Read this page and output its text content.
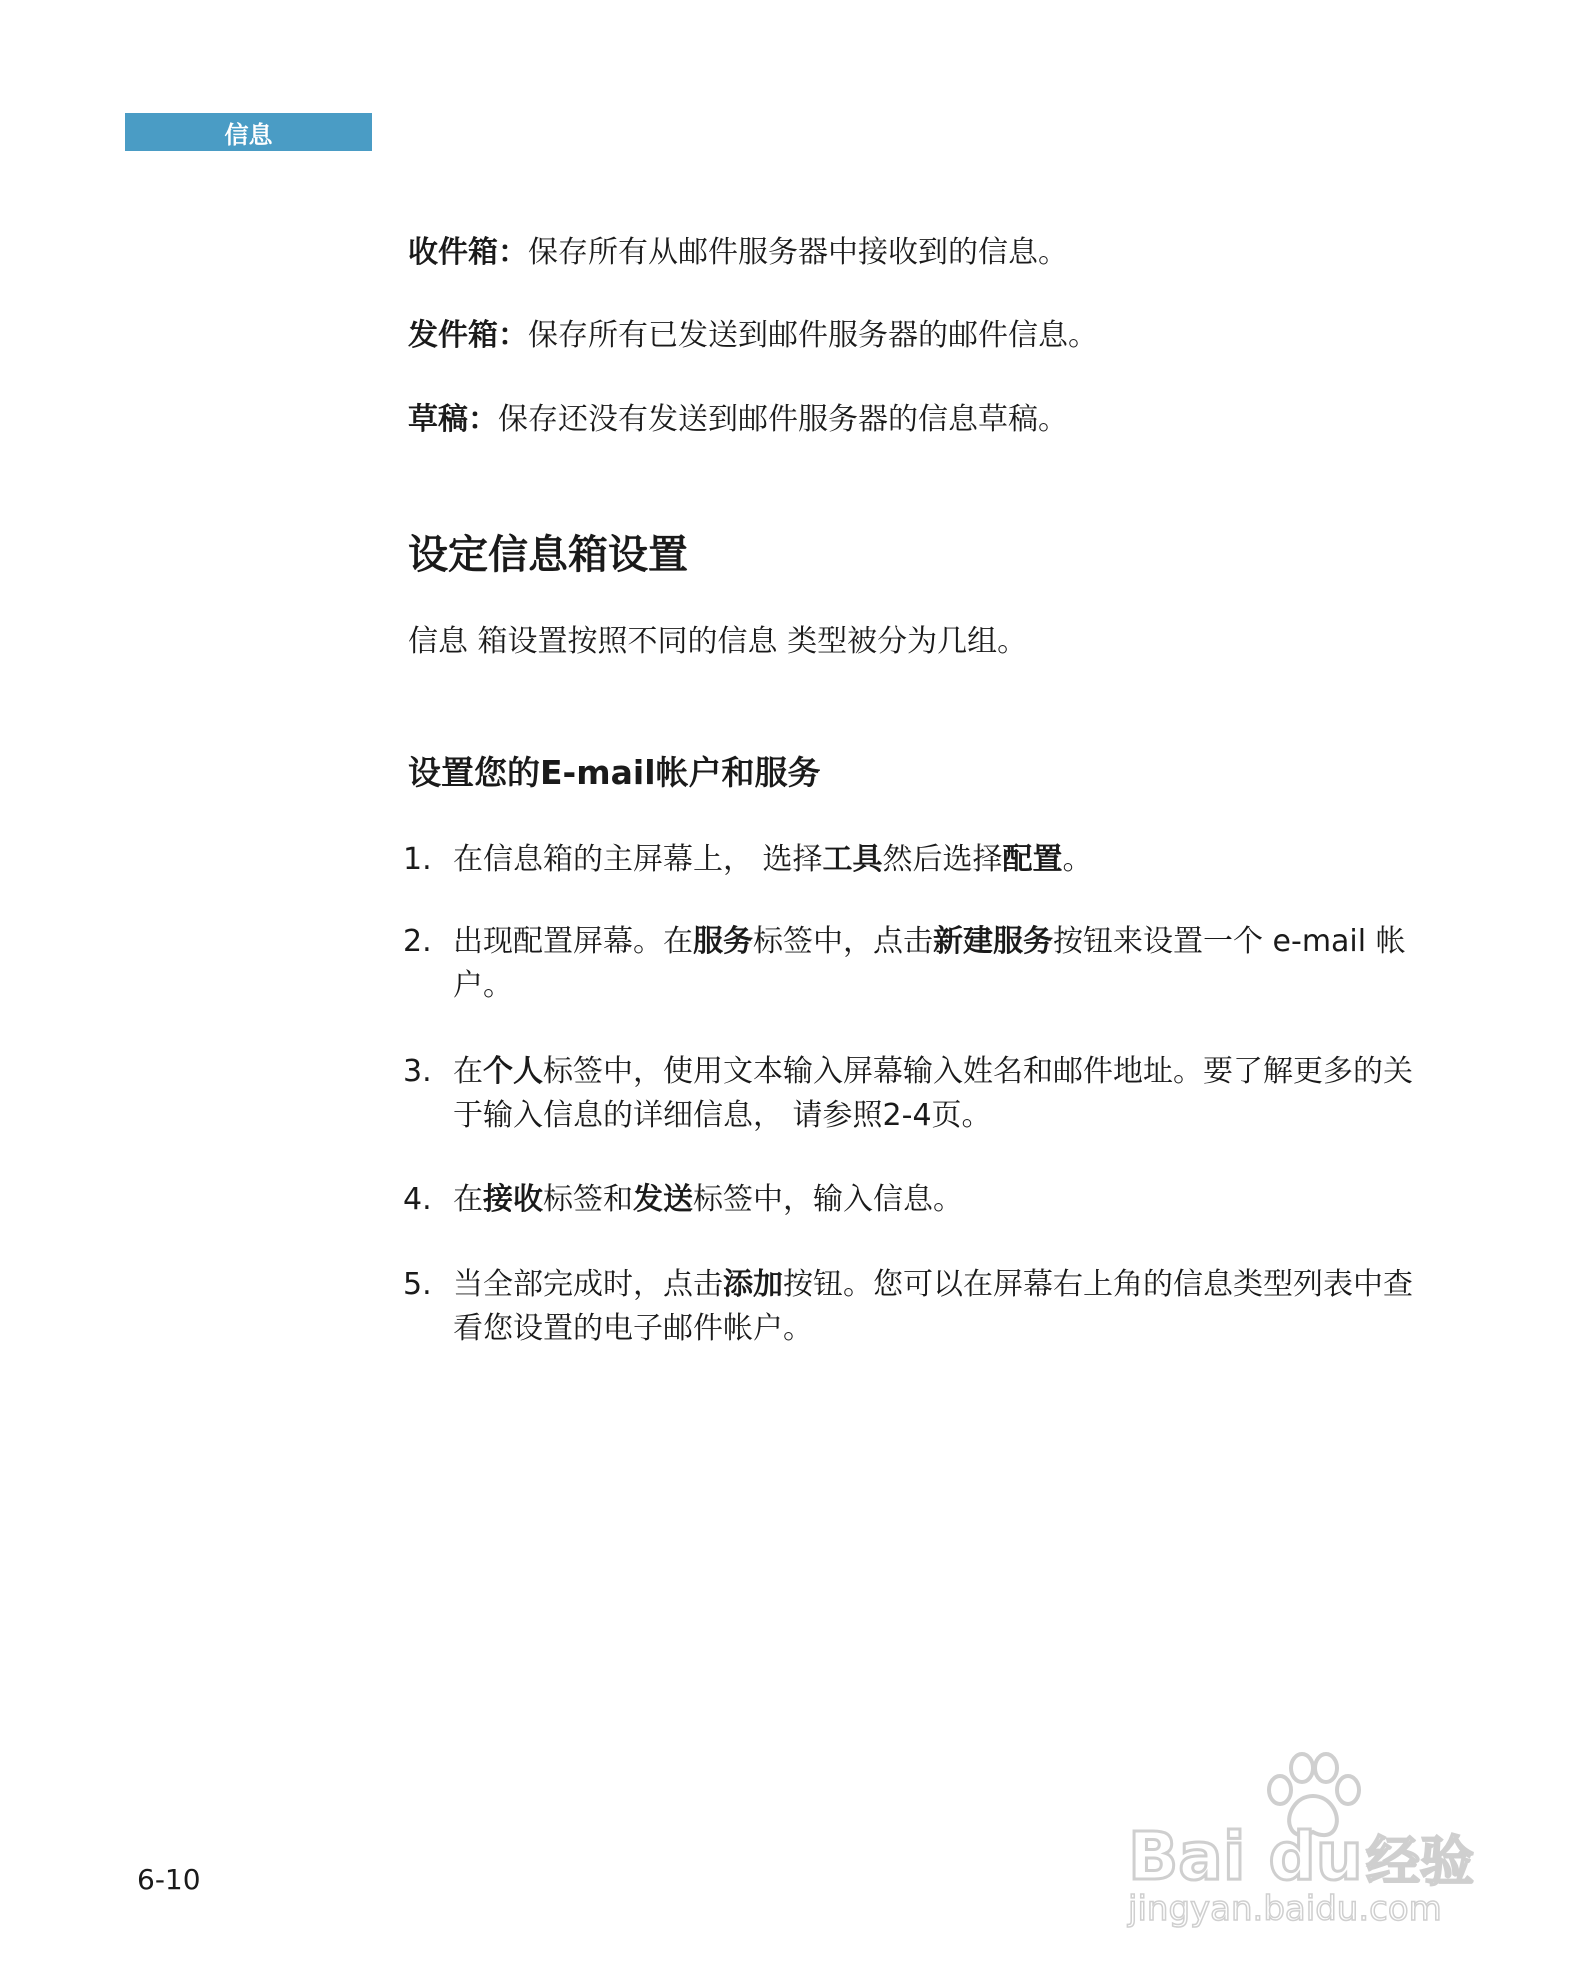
信息
收件箱：保存所有从邮件服务器中接收到的信息。
发件箱：保存所有已发送到邮件服务器的邮件信息。
草稿：保存还没有发送到邮件服务器的信息草稿。
设定信息箱设置
信息 箱设置按照不同的信息 类型被分为几组。
设置您的E-mail帐户和服务
1. 在信息箱的主屏幕上， 选择工具然后选择配置。
2. 出现配置屏幕。在服务标签中，点击新建服务按钮来设置一个 e-mail 帐户。
3. 在个人标签中，使用文本输入屏幕输入姓名和邮件地址。要了解更多的关于输入信息的详细信息， 请参照2-4页。
4. 在接收标签和发送标签中，输入信息。
5. 当全部完成时，点击添加按钮。您可以在屏幕右上角的信息类型列表中查看您设置的电子邮件帐户。
6-10	Bai du 经验
jingyan.baidu.com
